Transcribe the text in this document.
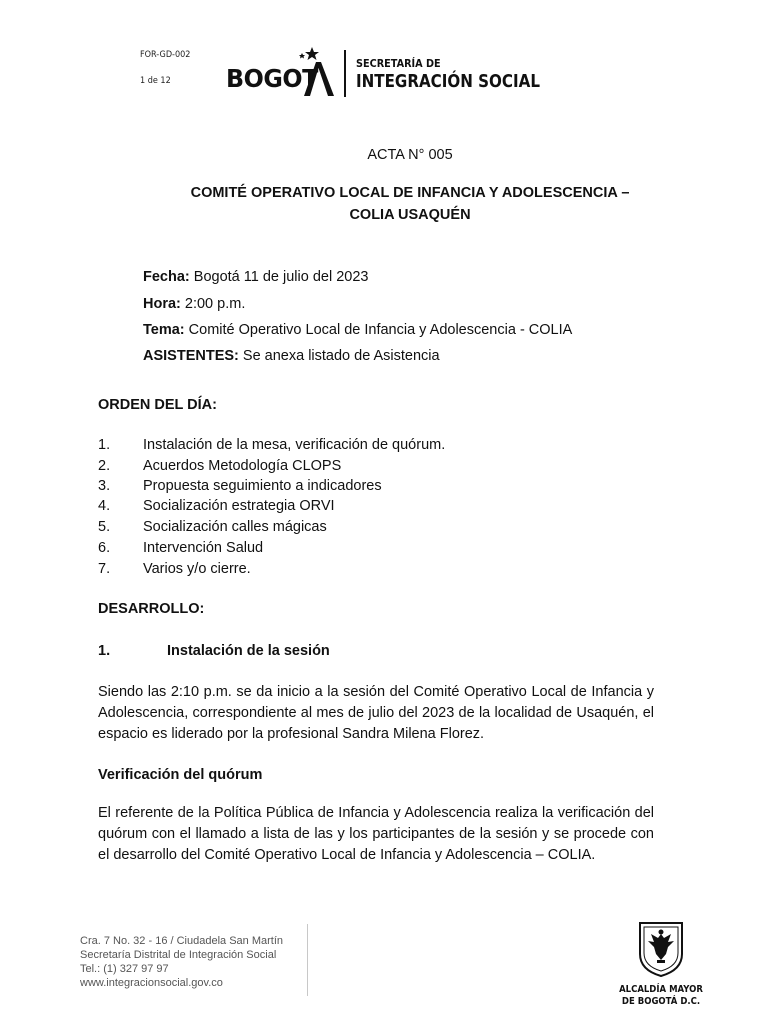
FOR-GD-002
1 de 12 BOGOT
SECRETARÍA DE
INTEGRACIÓN SOCIAL
ACTA N° 005
COMITÉ OPERATIVO LOCAL DE INFANCIA Y ADOLESCENCIA –
COLIA USAQUÉN
Fecha: Bogotá 11 de julio del 2023
Hora: 2:00 p.m.
Tema: Comité Operativo Local de Infancia y Adolescencia - COLIA
ASISTENTES: Se anexa listado de Asistencia
ORDEN DEL DÍA:
1. Instalación de la mesa, verificación de quórum.
2. Acuerdos Metodología CLOPS
3. Propuesta seguimiento a indicadores
4. Socialización estrategia ORVI
5. Socialización calles mágicas
6. Intervención Salud
7. Varios y/o cierre.
DESARROLLO:
1.	Instalación de la sesión
Siendo las 2:10 p.m. se da inicio a la sesión del Comité Operativo Local de Infancia y Adolescencia, correspondiente al mes de julio del 2023 de la localidad de Usaquén, el espacio es liderado por la profesional Sandra Milena Florez.
Verificación del quórum
El referente de la Política Pública de Infancia y Adolescencia realiza la verificación del quórum con el llamado a lista de las y los participantes de la sesión y se procede con el desarrollo del Comité Operativo Local de Infancia y Adolescencia – COLIA.
Cra. 7 No. 32 - 16 / Ciudadela San Martín
Secretaría Distrital de Integración Social
Tel.: (1) 327 97 97
www.integracionsocial.gov.co
ALCALDÍA MAYOR
DE BOGOTÁ D.C.
